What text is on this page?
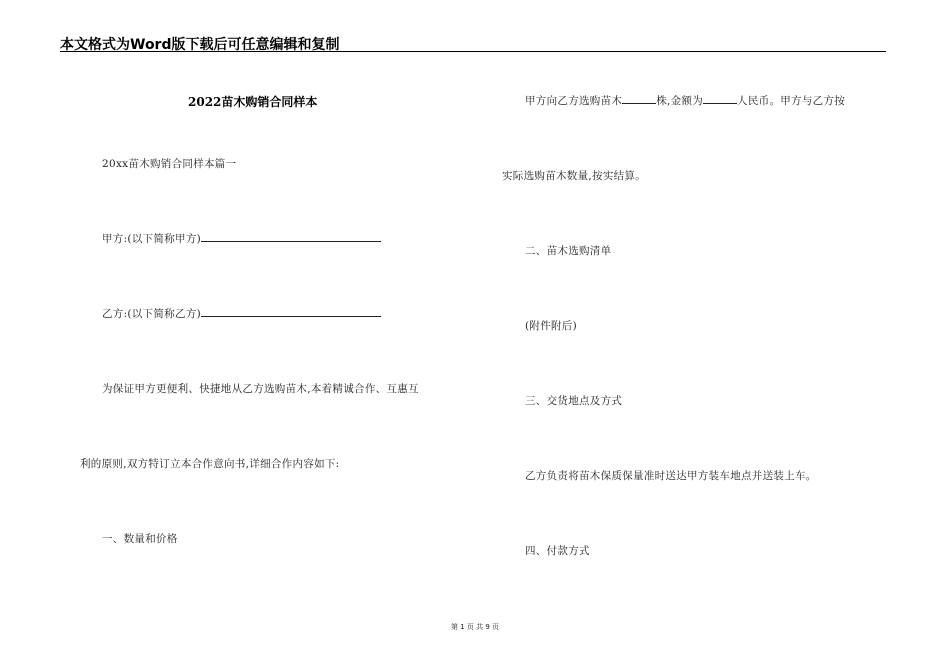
本文格式为Word版下载后可任意编辑和复制
2022苗木购销合同样本
20xx苗木购销合同样本篇一
甲方:(以下简称甲方)
乙方:(以下简称乙方)
为保证甲方更便利、快捷地从乙方选购苗木,本着精诚合作、互惠互
利的原则,双方特订立本合作意向书,详细合作内容如下:
一、数量和价格
甲方向乙方选购苗木	株,金额为	人民币。甲方与乙方按
实际选购苗木数量,按实结算。
二、苗木选购清单
(附件附后)
三、交货地点及方式
乙方负责将苗木保质保量准时送达甲方装车地点并送装上车。
四、付款方式
第 1 页 共 9 页
